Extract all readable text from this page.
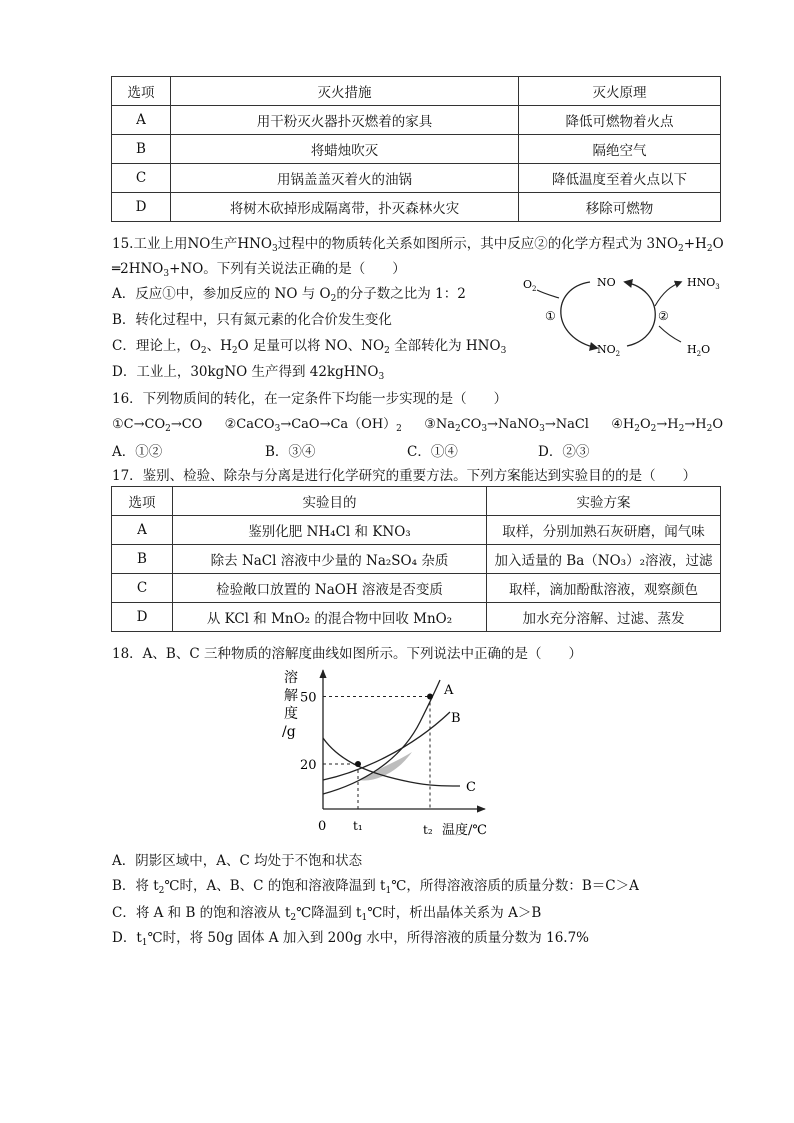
选项	灭火措施	灭火原理
A	用干粉灭火器扑灭燃着的家具	降低可燃物着火点
B	将蜡烛吹灭	隔绝空气
C	用锅盖盖灭着火的油锅	降低温度至着火点以下
D	将树木砍掉形成隔离带，扑灭森林火灾	移除可燃物
15.工业上用NO生产$HNO_3$过程中的物质转化关系如图所示，其中反应②的化学方程式为 $3NO_2+H_2O$
$═2HNO_3+NO$。下列有关说法正确的是（　　）
A．反应①中，参加反应的 NO 与 $O_2$的分子数之比为 1：2
B．转化过程中，只有氮元素的化合价发生变化
C．理论上，$O_2$、$H_2O$ 足量可以将 NO、$NO_2$ 全部转化为 $HNO_3$
D．工业上，30kgNO 生产得到 42kgHNO$_3$
$O_2$	NO	$HNO_3$
①	②
$NO_2$	$H_2O$
16．下列物质间的转化，在一定条件下均能一步实现的是（　　）
$①C\to CO_2\to CO$ $②CaCO_3\to CaO\to Ca(OH)_2$ $③Na_2CO_3\to NaNO_3\to NaCl$ $④H_2O_2\to H_2\to H_2O$
A．①②	B．③④	C．①④	D．②③
17．鉴别、检验、除杂与分离是进行化学研究的重要方法。下列方案能达到实验目的的是（　　）
选项	实验目的	实验方案
A	鉴别化肥 NH₄Cl 和 KNO₃	取样，分别加熟石灰研磨，闻气味
B	除去 NaCl 溶液中少量的 Na₂SO₄ 杂质	加入适量的 Ba（NO₃）₂溶液，过滤
C	检验敞口放置的 NaOH 溶液是否变质	取样，滴加酚酞溶液，观察颜色
D	从 KCl 和 MnO₂ 的混合物中回收 MnO₂	加水充分溶解、过滤、蒸发
18．A、B、C 三种物质的溶解度曲线如图所示。下列说法中正确的是（　　）
溶
解
度
/g
0	温度/℃
20
50
t₁	t₂
A
B
C
A．阴影区域中，A、C 均处于不饱和状态
B．将 $t_2℃$时，A、B、C 的饱和溶液降温到 $t_1℃$，所得溶液溶质的质量分数：B＝C＞A
C．将 A 和 B 的饱和溶液从 $t_2℃$降温到 $t_1℃$时，析出晶体关系为 A＞B
D．$t_1℃$时，将 50g 固体 A 加入到 200g 水中，所得溶液的质量分数为 16.7%
